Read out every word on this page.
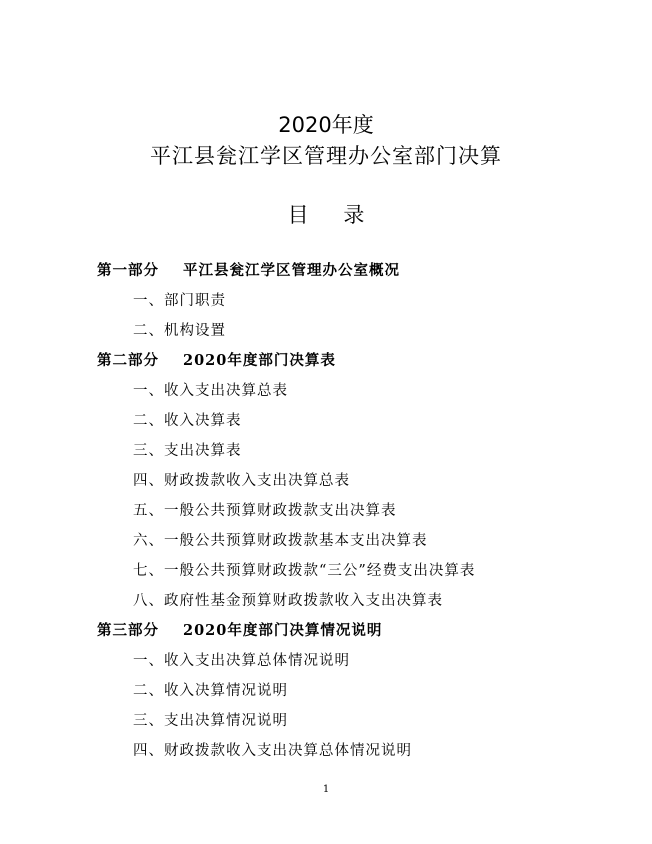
2020年度
平江县瓮江学区管理办公室部门决算
目 录
第一部分 平江县瓮江学区管理办公室概况
一、部门职责
二、机构设置
第二部分 2020年度部门决算表
一、收入支出决算总表
二、收入决算表
三、支出决算表
四、财政拨款收入支出决算总表
五、一般公共预算财政拨款支出决算表
六、一般公共预算财政拨款基本支出决算表
七、一般公共预算财政拨款“三公”经费支出决算表
八、政府性基金预算财政拨款收入支出决算表
第三部分 2020年度部门决算情况说明
一、收入支出决算总体情况说明
二、收入决算情况说明
三、支出决算情况说明
四、财政拨款收入支出决算总体情况说明
1
